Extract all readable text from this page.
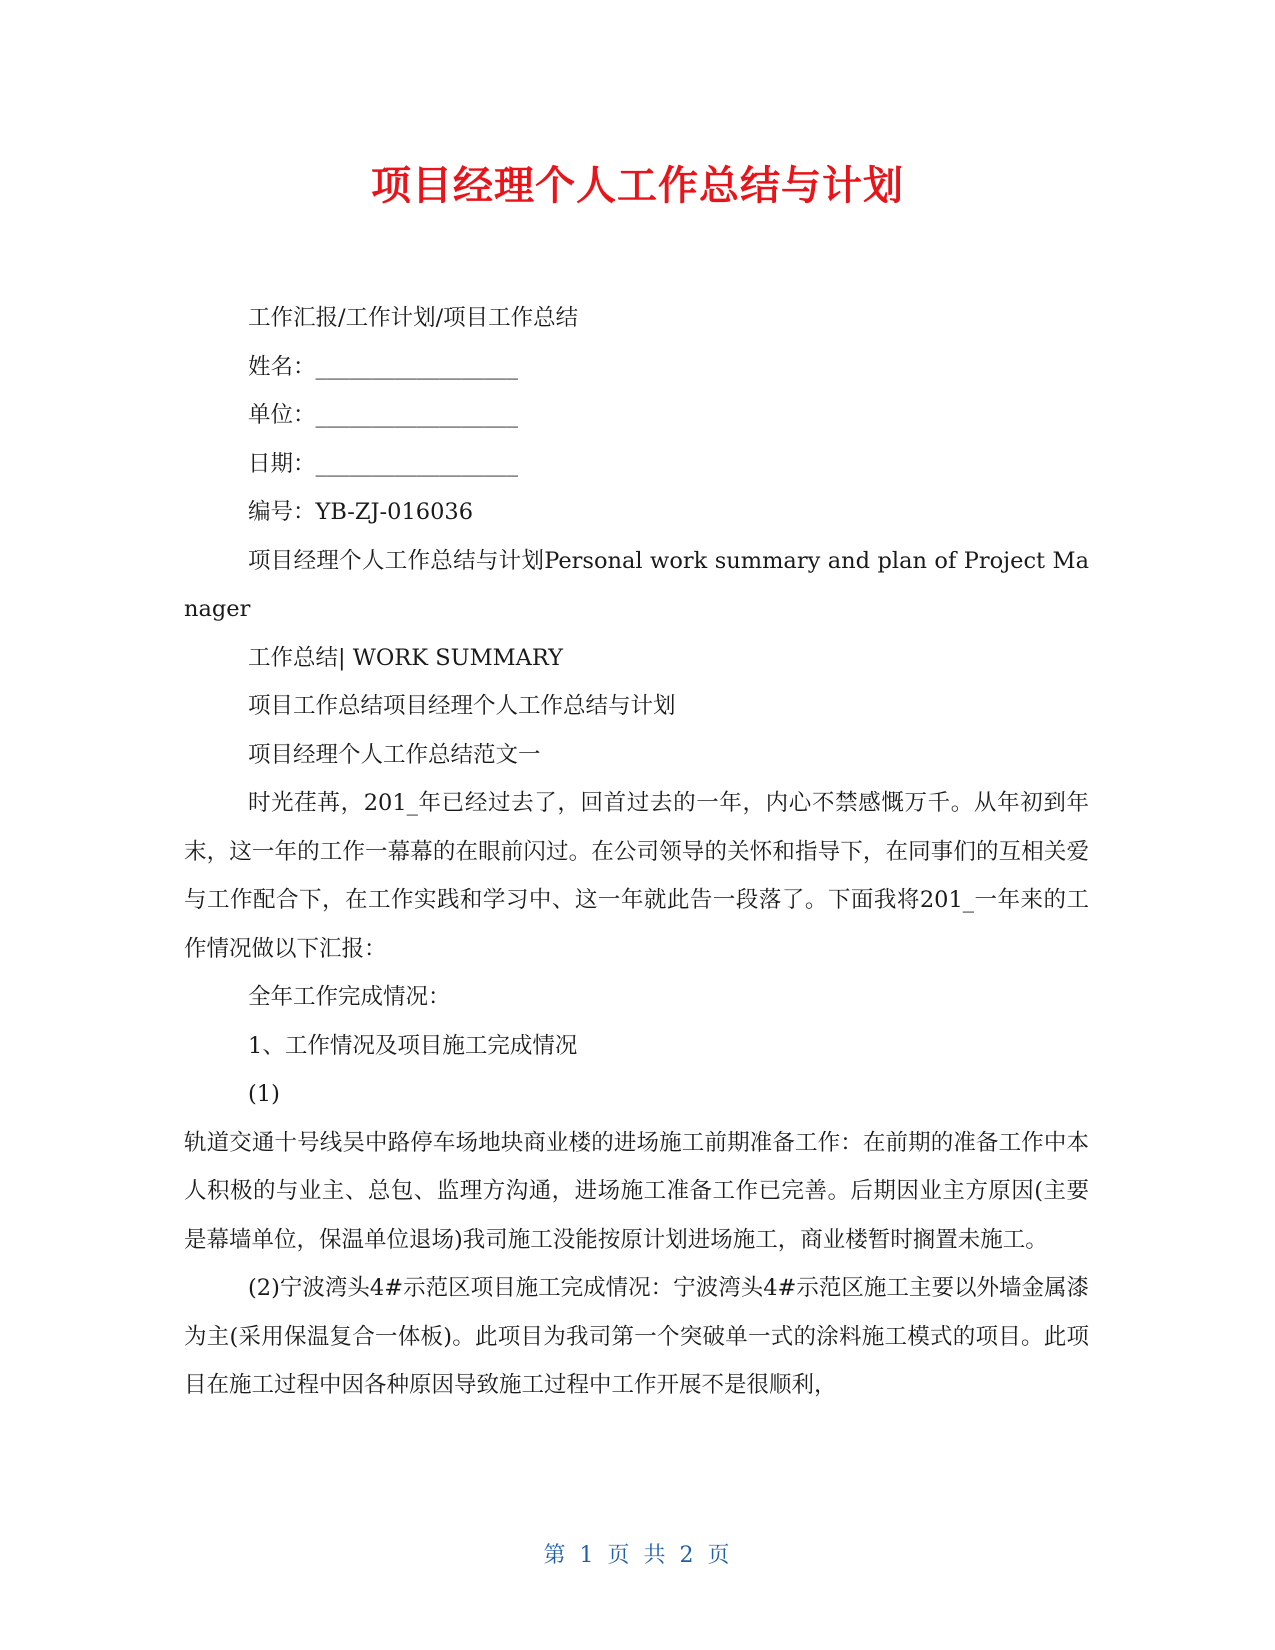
项目经理个人工作总结与计划

工作汇报/工作计划/项目工作总结

姓名：__________________

单位：__________________

日期：__________________

编号：YB-ZJ-016036

项目经理个人工作总结与计划Personal work summary and plan of Project Manager

工作总结| WORK SUMMARY

项目工作总结项目经理个人工作总结与计划

项目经理个人工作总结范文一

时光荏苒，201_年已经过去了，回首过去的一年，内心不禁感慨万千。从年初到年末，这一年的工作一幕幕的在眼前闪过。在公司领导的关怀和指导下，在同事们的互相关爱与工作配合下，在工作实践和学习中、这一年就此告一段落了。下面我将201_一年来的工作情况做以下汇报：

全年工作完成情况：

1、工作情况及项目施工完成情况

(1)

轨道交通十号线吴中路停车场地块商业楼的进场施工前期准备工作：在前期的准备工作中本人积极的与业主、总包、监理方沟通，进场施工准备工作已完善。后期因业主方原因(主要是幕墙单位，保温单位退场)我司施工没能按原计划进场施工，商业楼暂时搁置未施工。

(2)宁波湾头4#示范区项目施工完成情况：宁波湾头4#示范区施工主要以外墙金属漆为主(采用保温复合一体板)。此项目为我司第一个突破单一式的涂料施工模式的项目。此项目在施工过程中因各种原因导致施工过程中工作开展不是很顺利，

第 1 页 共 2 页
